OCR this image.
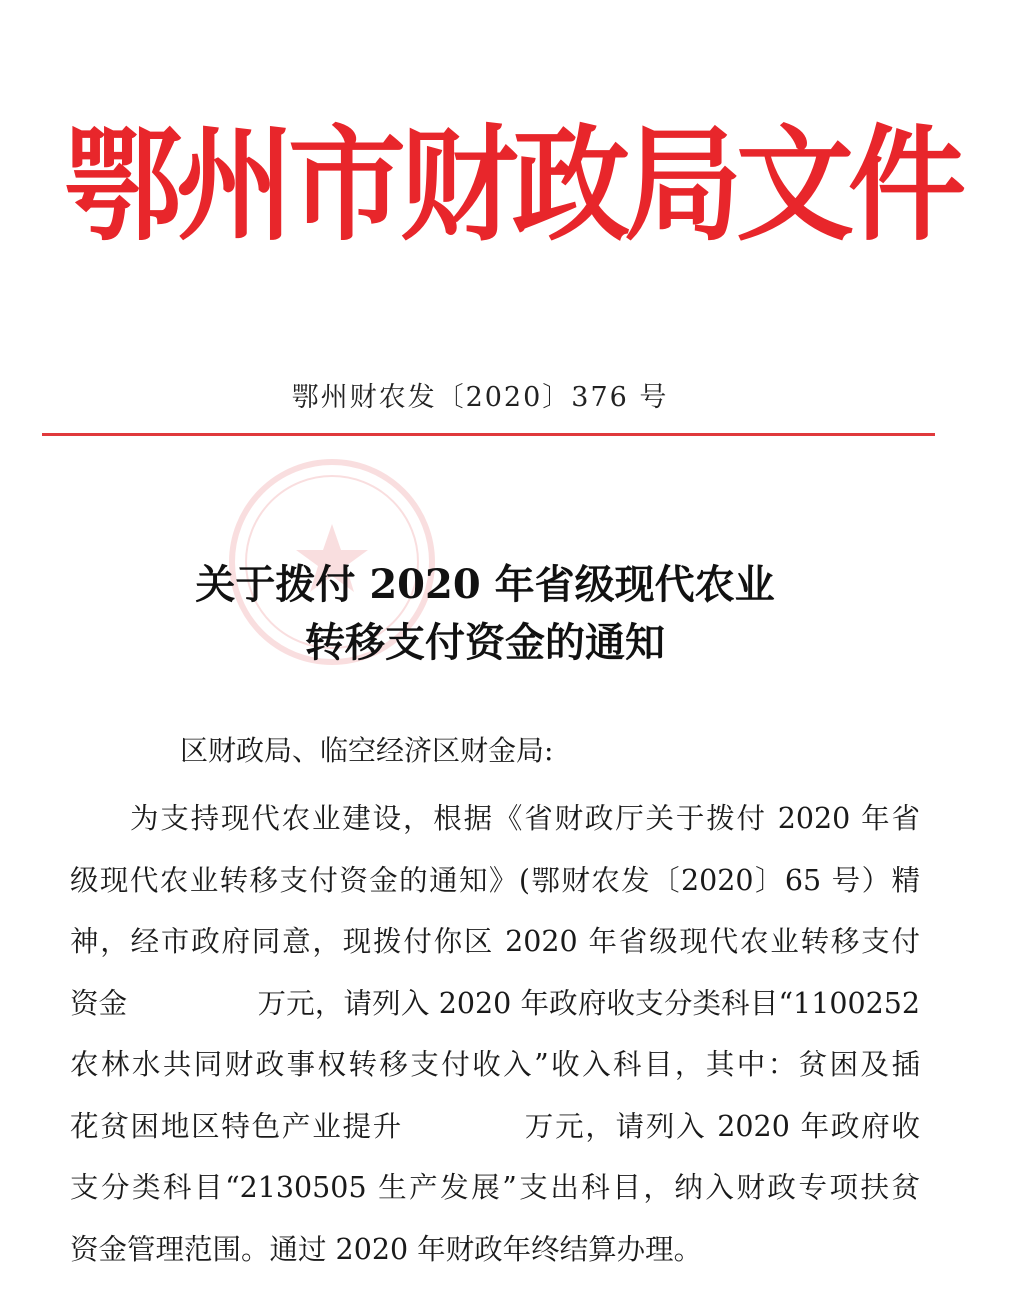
鄂州市财政局文件
鄂州财农发〔2020〕376 号
关于拨付 2020 年省级现代农业
转移支付资金的通知
区财政局、临空经济区财金局:
为支持现代农业建设，根据《省财政厅关于拨付 2020 年省
级现代农业转移支付资金的通知》(鄂财农发〔2020〕65 号）精
神，经市政府同意，现拨付你区 2020 年省级现代农业转移支付
资金	万元，请列入 2020 年政府收支分类科目“1100252
农林水共同财政事权转移支付收入”收入科目，其中：贫困及插
花贫困地区特色产业提升	万元，请列入 2020 年政府收
支分类科目“2130505 生产发展”支出科目，纳入财政专项扶贫
资金管理范围。通过 2020 年财政年终结算办理。
